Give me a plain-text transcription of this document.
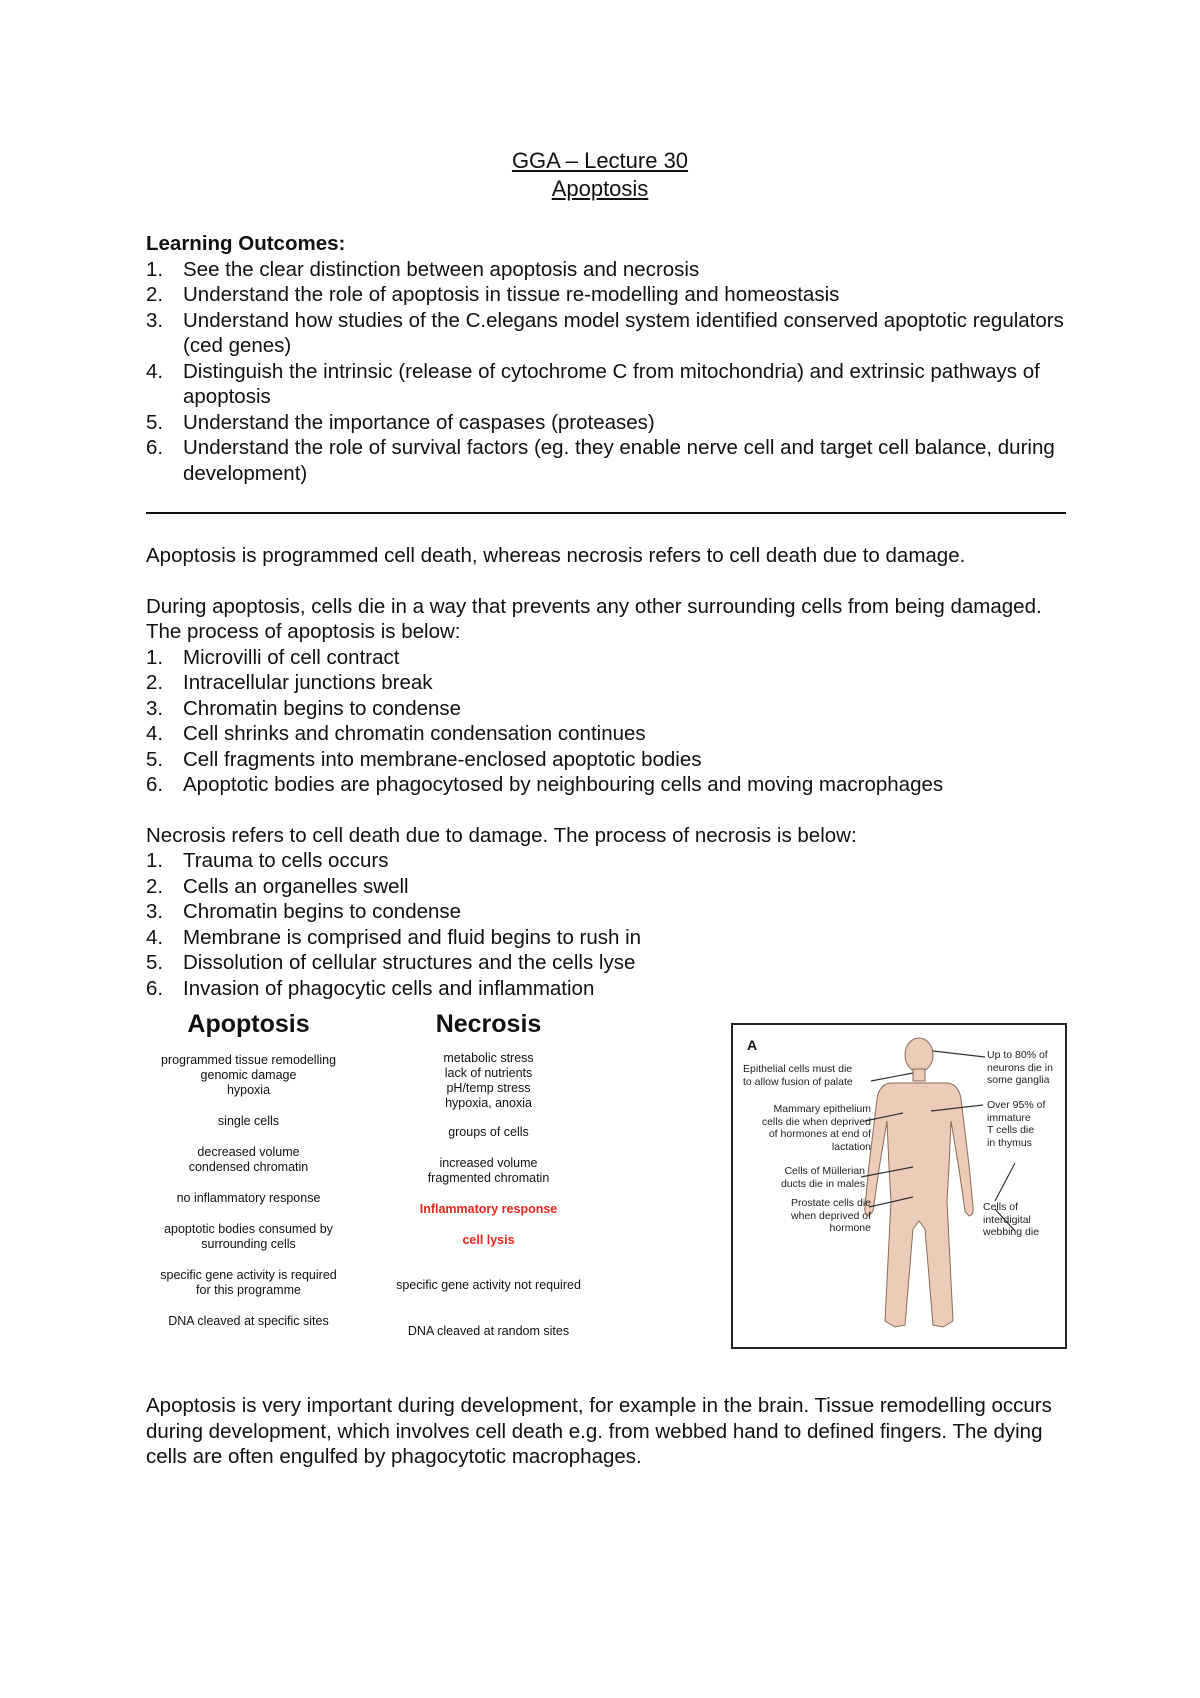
GGA – Lecture 30
Apoptosis
Learning Outcomes:
1. See the clear distinction between apoptosis and necrosis
2. Understand the role of apoptosis in tissue re-modelling and homeostasis
3. Understand how studies of the C.elegans model system identified conserved apoptotic regulators (ced genes)
4. Distinguish the intrinsic (release of cytochrome C from mitochondria) and extrinsic pathways of apoptosis
5. Understand the importance of caspases (proteases)
6. Understand the role of survival factors (eg. they enable nerve cell and target cell balance, during development)

Apoptosis is programmed cell death, whereas necrosis refers to cell death due to damage.

During apoptosis, cells die in a way that prevents any other surrounding cells from being damaged. The process of apoptosis is below:

1. Microvilli of cell contract
2. Intracellular junctions break
3. Chromatin begins to condense
4. Cell shrinks and chromatin condensation continues
5. Cell fragments into membrane-enclosed apoptotic bodies
6. Apoptotic bodies are phagocytosed by neighbouring cells and moving macrophages

Necrosis refers to cell death due to damage. The process of necrosis is below:

1. Trauma to cells occurs
2. Cells an organelles swell
3. Chromatin begins to condense
4. Membrane is comprised and fluid begins to rush in
5. Dissolution of cellular structures and the cells lyse
6. Invasion of phagocytic cells and inflammation
Apoptosis
programmed tissue remodelling
genomic damage
hypoxia
single cells
decreased volume
condensed chromatin
no inflammatory response
apoptotic bodies consumed by
surrounding cells
specific gene activity is required
for this programme
DNA cleaved at specific sites
Necrosis
metabolic stress
lack of nutrients
pH/temp stress
hypoxia, anoxia
groups of cells
increased volume
fragmented chromatin
Inflammatory response
cell lysis
specific gene activity not required
DNA cleaved at random sites
A
Epithelial cells must die
to allow fusion of palate
Mammary epithelium
cells die when deprived
of hormones at end of
lactation
Cells of Müllerian
ducts die in males
Prostate cells die
when deprived of
hormone
Up to 80% of
neurons die in
some ganglia
Over 95% of
immature
T cells die
in thymus
Cells of
interdigital
webbing die

Apoptosis is very important during development, for example in the brain. Tissue remodelling occurs during development, which involves cell death e.g. from webbed hand to defined fingers. The dying cells are often engulfed by phagocytotic macrophages.
